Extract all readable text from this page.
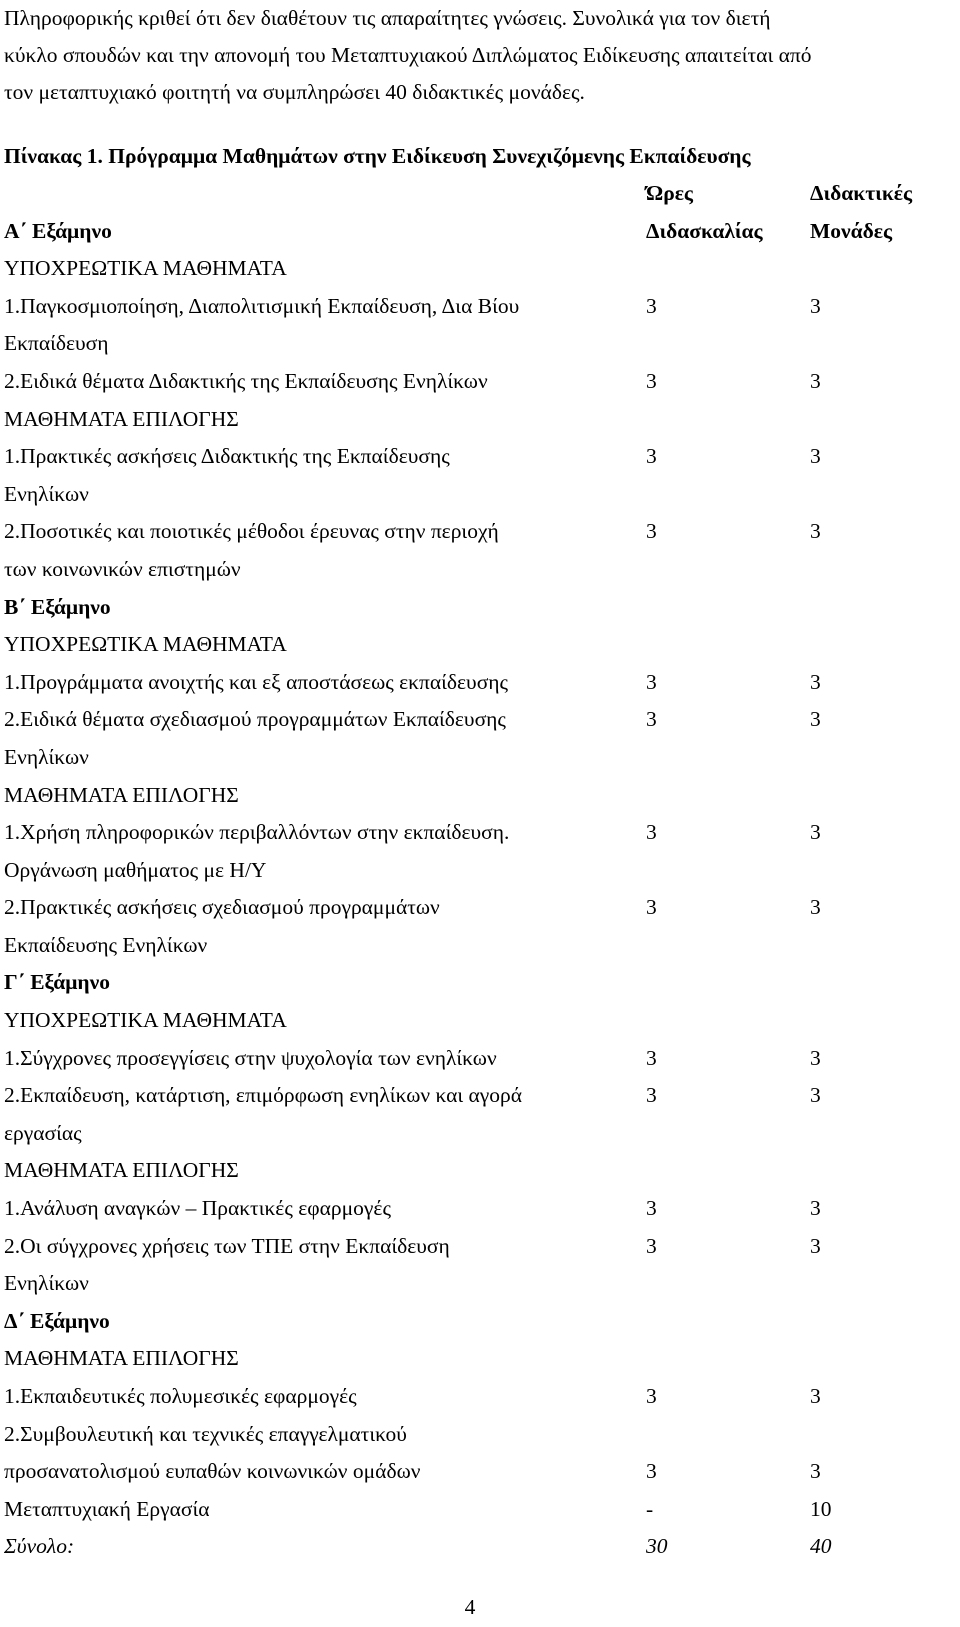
Πληροφορικής κριθεί ότι δεν διαθέτουν τις απαραίτητες γνώσεις. Συνολικά για τον διετή
κύκλο σπουδών και την απονομή του Μεταπτυχιακού Διπλώματος Ειδίκευσης απαιτείται από
τον μεταπτυχιακό φοιτητή να συμπληρώσει 40 διδακτικές μονάδες.
Πίνακας 1. Πρόγραμμα Μαθημάτων στην Ειδίκευση Συνεχιζόμενης Εκπαίδευσης
	Ώρες	Διδακτικές
Α΄ Εξάμηνο	Διδασκαλίας	Μονάδες
ΥΠΟΧΡΕΩΤΙΚΑ ΜΑΘΗΜΑΤΑ		
1.Παγκοσμιοποίηση, Διαπολιτισμική Εκπαίδευση, Δια Βίου	3	3
Εκπαίδευση		
2.Ειδικά θέματα Διδακτικής της Εκπαίδευσης Ενηλίκων	3	3
ΜΑΘΗΜΑΤΑ ΕΠΙΛΟΓΗΣ		
1.Πρακτικές ασκήσεις Διδακτικής της Εκπαίδευσης	3	3
Ενηλίκων		
2.Ποσοτικές και ποιοτικές μέθοδοι έρευνας στην περιοχή	3	3
των κοινωνικών επιστημών		
Β΄ Εξάμηνο		
ΥΠΟΧΡΕΩΤΙΚΑ ΜΑΘΗΜΑΤΑ		
1.Προγράμματα ανοιχτής και εξ αποστάσεως εκπαίδευσης	3	3
2.Ειδικά θέματα σχεδιασμού προγραμμάτων Εκπαίδευσης	3	3
Ενηλίκων		
ΜΑΘΗΜΑΤΑ ΕΠΙΛΟΓΗΣ		
1.Χρήση πληροφορικών περιβαλλόντων στην εκπαίδευση.	3	3
Οργάνωση μαθήματος με Η/Υ		
2.Πρακτικές ασκήσεις σχεδιασμού προγραμμάτων	3	3
Εκπαίδευσης Ενηλίκων		
Γ΄ Εξάμηνο		
ΥΠΟΧΡΕΩΤΙΚΑ ΜΑΘΗΜΑΤΑ		
1.Σύγχρονες προσεγγίσεις στην ψυχολογία των ενηλίκων	3	3
2.Εκπαίδευση, κατάρτιση, επιμόρφωση ενηλίκων και αγορά	3	3
εργασίας		
ΜΑΘΗΜΑΤΑ ΕΠΙΛΟΓΗΣ		
1.Ανάλυση αναγκών – Πρακτικές εφαρμογές	3	3
2.Οι σύγχρονες χρήσεις των ΤΠΕ στην Εκπαίδευση	3	3
Ενηλίκων		
Δ΄ Εξάμηνο		
ΜΑΘΗΜΑΤΑ ΕΠΙΛΟΓΗΣ		
1.Εκπαιδευτικές πολυμεσικές εφαρμογές	3	3
2.Συμβουλευτική και τεχνικές επαγγελματικού		
προσανατολισμού ευπαθών κοινωνικών ομάδων	3	3
Μεταπτυχιακή Εργασία	-	10
Σύνολο:	30	40
4
